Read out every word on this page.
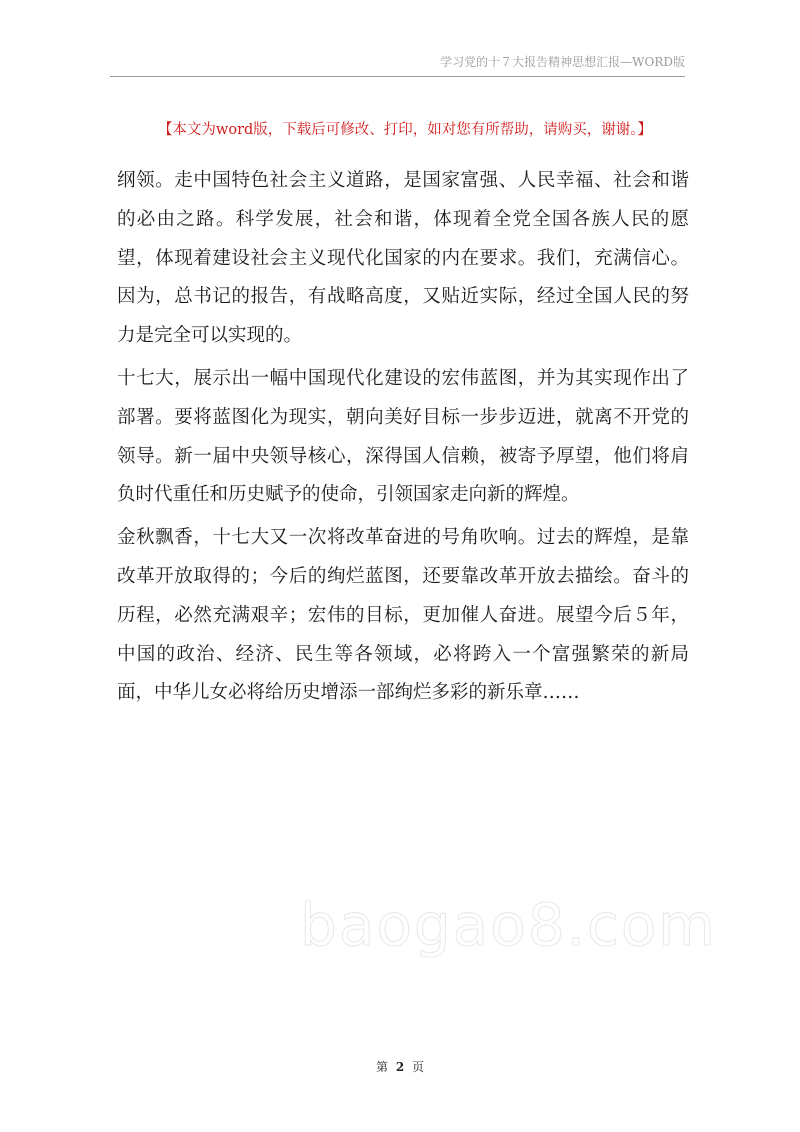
学习党的十７大报告精神思想汇报—WORD版
【本文为word版，下载后可修改、打印，如对您有所帮助，请购买，谢谢。】

纲领。走中国特色社会主义道路，是国家富强、人民幸福、社会和谐的必由之路。科学发展，社会和谐，体现着全党全国各族人民的愿望，体现着建设社会主义现代化国家的内在要求。我们，充满信心。因为，总书记的报告，有战略高度，又贴近实际，经过全国人民的努力是完全可以实现的。

十七大，展示出一幅中国现代化建设的宏伟蓝图，并为其实现作出了部署。要将蓝图化为现实，朝向美好目标一步步迈进，就离不开党的领导。新一届中央领导核心，深得国人信赖，被寄予厚望，他们将肩负时代重任和历史赋予的使命，引领国家走向新的辉煌。

金秋飘香，十七大又一次将改革奋进的号角吹响。过去的辉煌，是靠改革开放取得的；今后的绚烂蓝图，还要靠改革开放去描绘。奋斗的历程，必然充满艰辛；宏伟的目标，更加催人奋进。展望今后５年，中国的政治、经济、民生等各领域，必将跨入一个富强繁荣的新局面，中华儿女必将给历史增添一部绚烂多彩的新乐章……

baogao8.com
第 2 页
